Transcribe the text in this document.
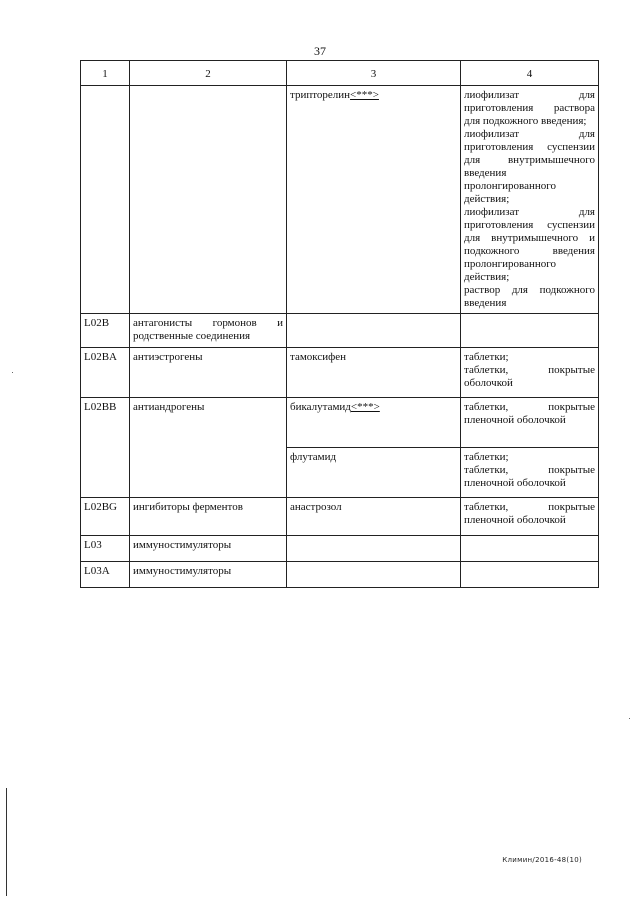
37
1	2	3	4
		трипторелин<***>	лиофилизат для приготовления раствора для подкожного введения;
лиофилизат для приготовления суспензии для внутримышечного введения пролонгированного действия;
лиофилизат для приготовления суспензии для внутримышечного и подкожного введения пролонгированного действия;
раствор для подкожного введения

L02B	антагонисты гормонов и родственные соединения		
L02BA	антиэстрогены	тамоксифен	таблетки;
таблетки, покрытые оболочкой

L02BB	антиандрогены	бикалутамид<***>	таблетки, покрытые пленочной оболочкой

		флутамид	таблетки;
таблетки, покрытые пленочной оболочкой

L02BG	ингибиторы ферментов	анастрозол	таблетки, покрытые пленочной оболочкой

L03	иммуностимуляторы		
L03A	иммуностимуляторы		
Климин/2016-48(10)
